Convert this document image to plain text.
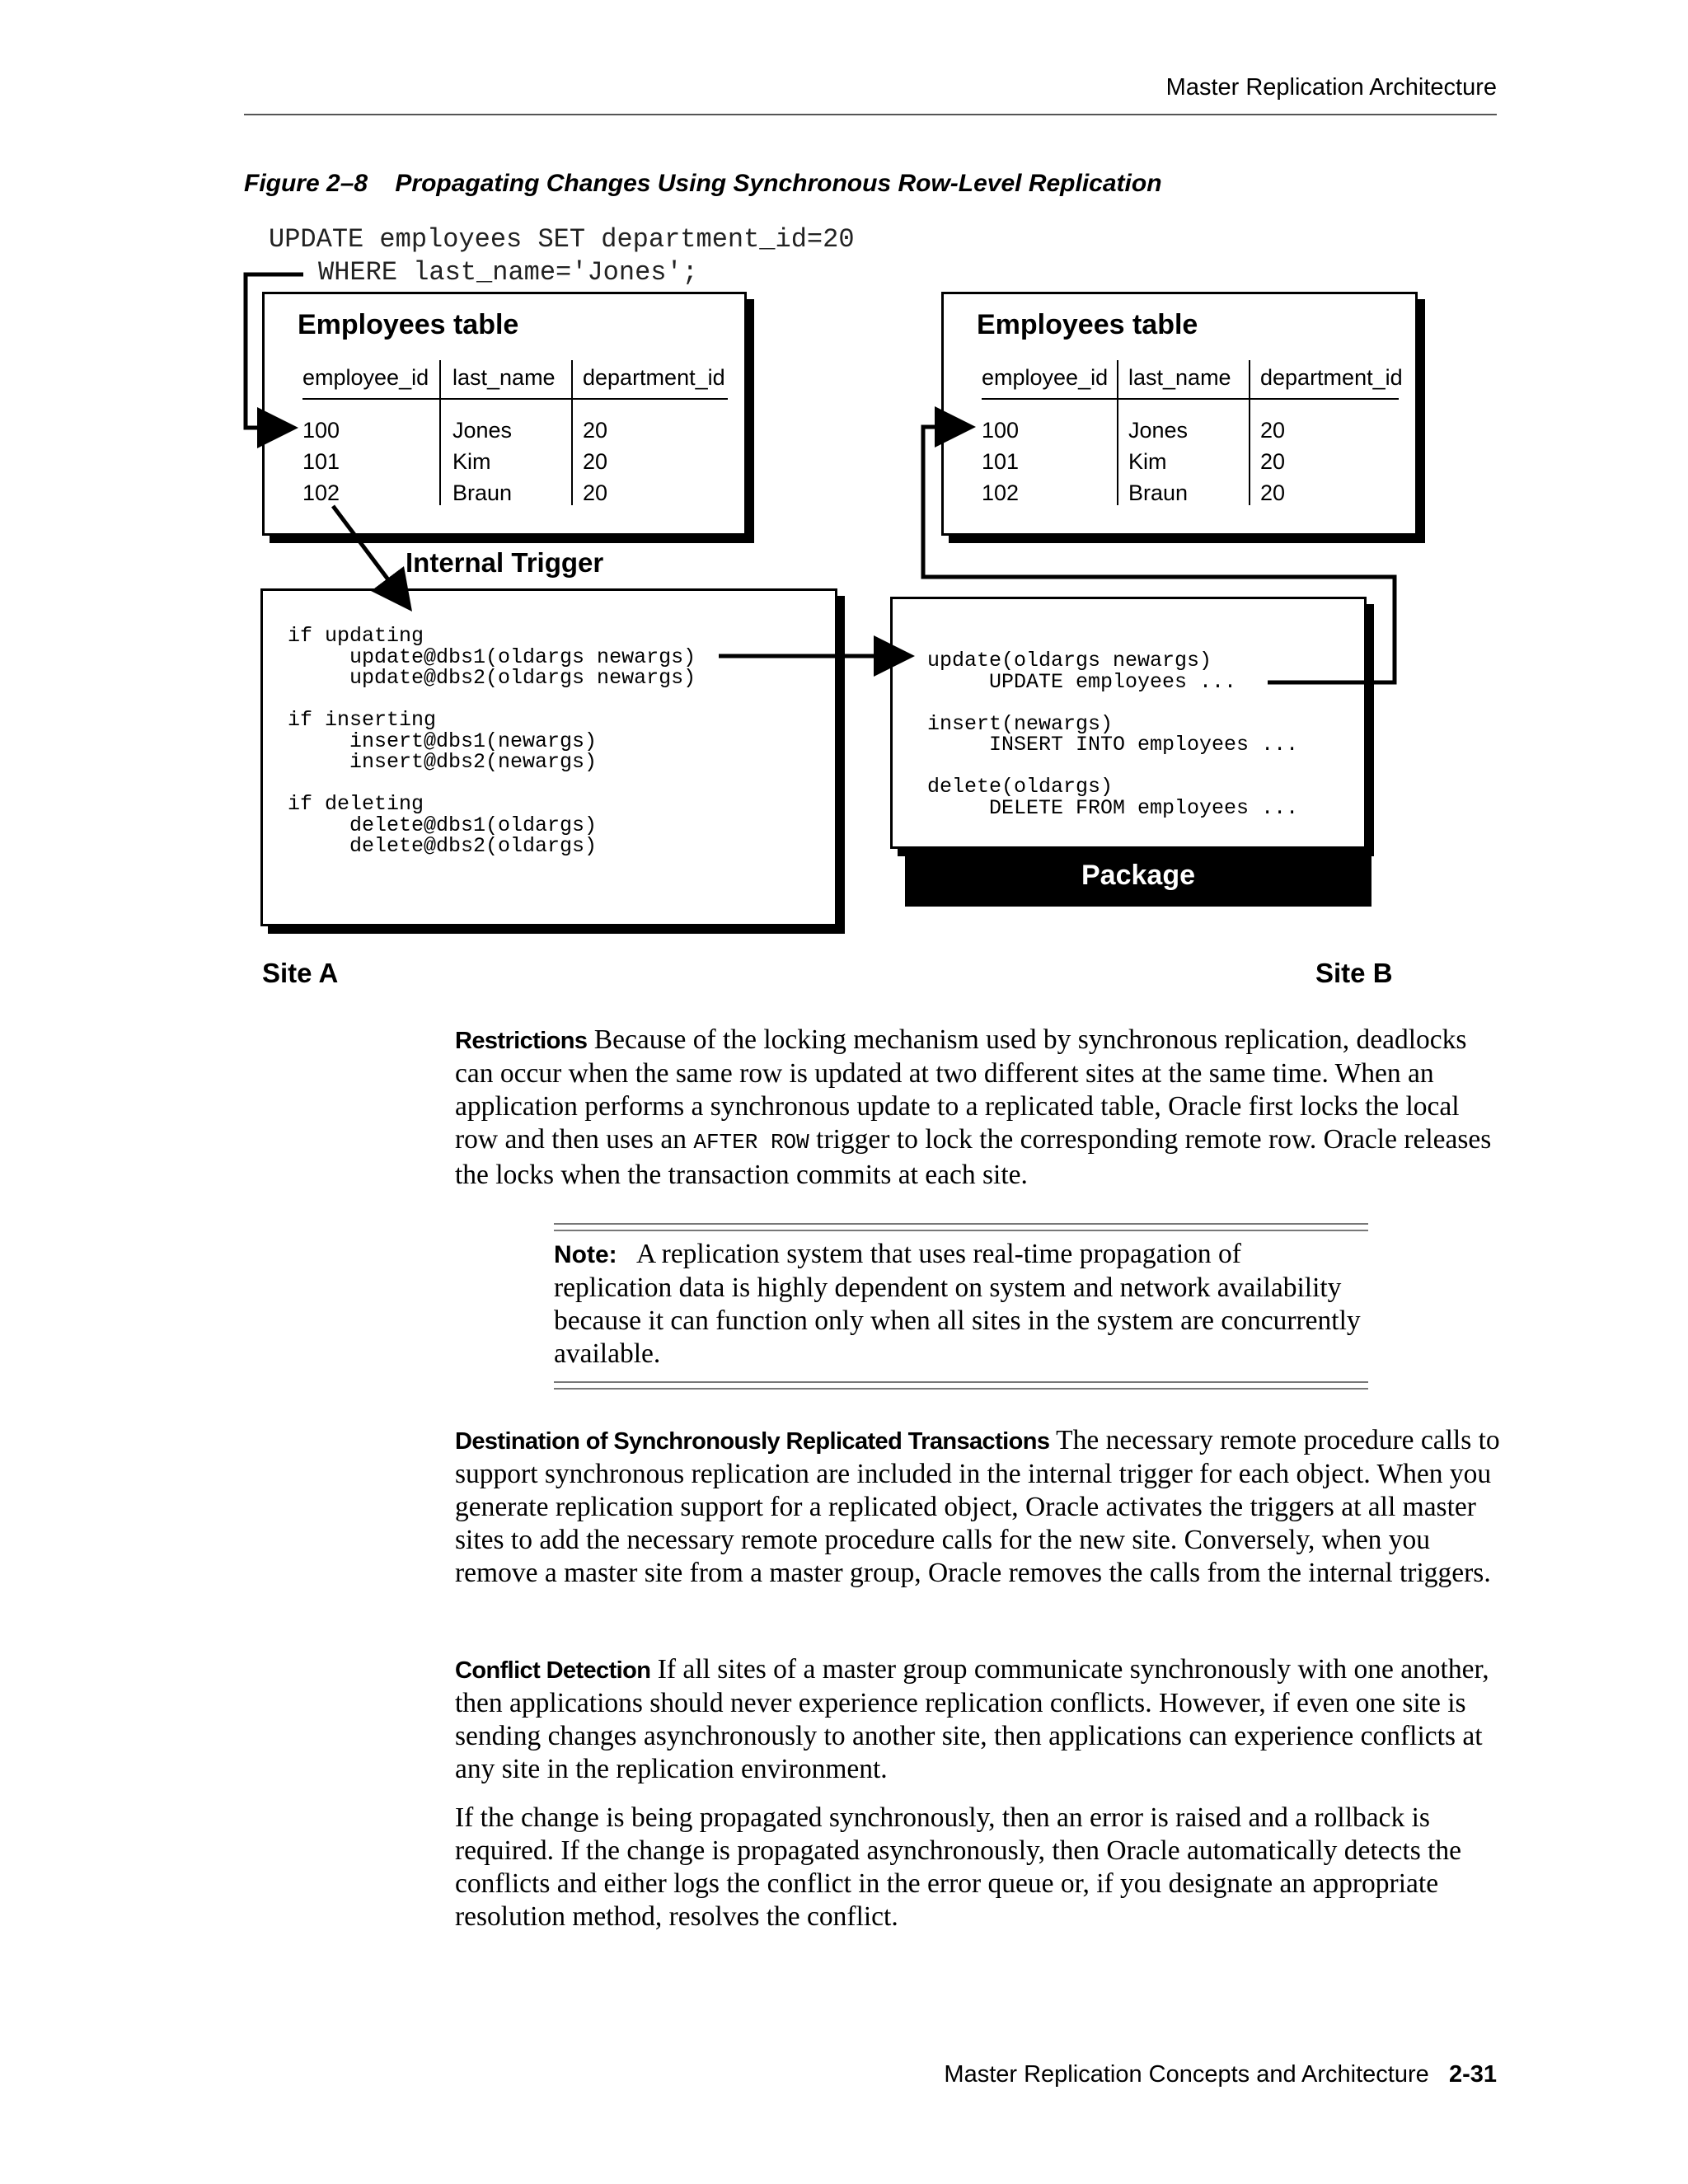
Master Replication Architecture
Figure 2–8    Propagating Changes Using Synchronous Row-Level Replication
UPDATE employees SET department_id=20
WHERE last_name='Jones';
Employees table
employee_id last_name department_id
100	Jones	20
101	Kim	20
102	Braun	20
Employees table
employee_id last_name department_id
100	Jones	20
101	Kim	20
102	Braun	20
Internal Trigger
if updating
update@dbs1(oldargs newargs)
update@dbs2(oldargs newargs)

if inserting
insert@dbs1(newargs)
insert@dbs2(newargs)

if deleting
delete@dbs1(oldargs)
delete@dbs2(oldargs)
Package
update(oldargs newargs)
UPDATE employees ...

insert(newargs)
INSERT INTO employees ...

delete(oldargs)
DELETE FROM employees ...
Site A	Site B

Restrictions Because of the locking mechanism used by synchronous replication, deadlocks can occur when the same row is updated at two different sites at the same time. When an application performs a synchronous update to a replicated table, Oracle first locks the local row and then uses an AFTER ROW trigger to lock the corresponding remote row. Oracle releases the locks when the transaction commits at each site.

Note: A replication system that uses real-time propagation of replication data is highly dependent on system and network availability because it can function only when all sites in the system are concurrently available.

Destination of Synchronously Replicated Transactions The necessary remote procedure calls to support synchronous replication are included in the internal trigger for each object. When you generate replication support for a replicated object, Oracle activates the triggers at all master sites to add the necessary remote procedure calls for the new site. Conversely, when you remove a master site from a master group, Oracle removes the calls from the internal triggers.

Conflict Detection If all sites of a master group communicate synchronously with one another, then applications should never experience replication conflicts. However, if even one site is sending changes asynchronously to another site, then applications can experience conflicts at any site in the replication environment.

If the change is being propagated synchronously, then an error is raised and a rollback is required. If the change is propagated asynchronously, then Oracle automatically detects the conflicts and either logs the conflict in the error queue or, if you designate an appropriate resolution method, resolves the conflict.

Master Replication Concepts and Architecture 2-31
